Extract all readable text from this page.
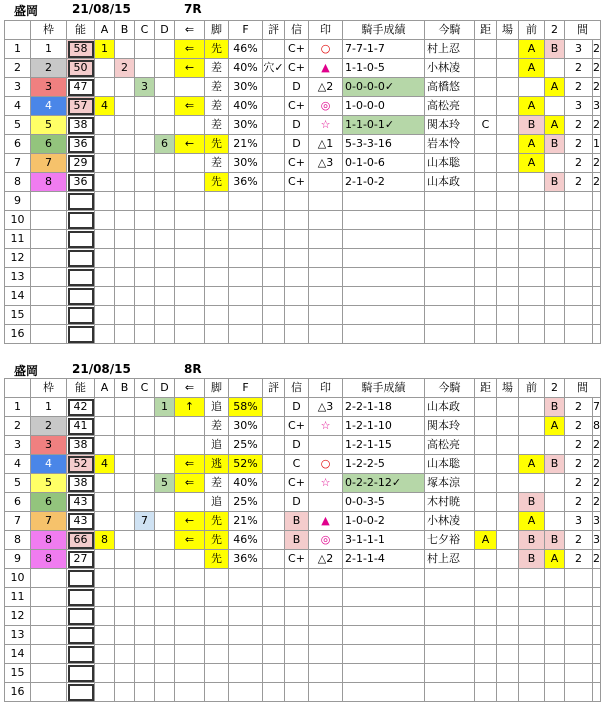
盛岡	21/08/15	7R
	枠	能	A	B	C	D	⇐	脚	F	評	信	印	騎手成績	今騎	距	場	前	2	間	
1	1	58	1				⇐	先	46%		C+	○	7-7-1-7	村上忍			A	B	3	2
2	2	50		2			←	差	40%	穴✓	C+	▲	1-1-0-5	小林凌			A		2	2
3	3	47			3			差	30%		D	△2	0-0-0-0✓	高橋悠				A	2	2
4	4	57	4				⇐	差	40%		C+	◎	1-0-0-0	高松亮			A		3	3
5	5	38						差	30%		D	☆	1-1-0-1✓	関本玲	C		B	A	2	2
6	6	36				6	←	先	21%		D	△1	5-3-3-16	岩本怜			A	B	2	1
7	7	29						差	30%		C+	△3	0-1-0-6	山本聡			A		2	2
8	8	36						先	36%		C+		2-1-0-2	山本政				B	2	2
9																				
10																				
11																				
12																				
13																				
14																				
15																				
16																				
盛岡	21/08/15	8R
	枠	能	A	B	C	D	⇐	脚	F	評	信	印	騎手成績	今騎	距	場	前	2	間	
1	1	42				1	↑	追	58%		D	△3	2-2-1-18	山本政				B	2	7
2	2	41						差	30%		C+	☆	1-2-1-10	関本玲				A	2	8
3	3	38						追	25%		D		1-2-1-15	高松亮					2	2
4	4	52	4				⇐	逃	52%		C	○	1-2-2-5	山本聡			A	B	2	2
5	5	38				5	⇐	差	40%		C+	☆	0-2-2-12✓	塚本涼					2	2
6	6	43						追	25%		D		0-0-3-5	木村暁			B		2	2
7	7	43			7		←	先	21%		B	▲	1-0-0-2	小林凌			A		3	3
8	8	66	8				⇐	先	46%		B	◎	3-1-1-1	七夕裕	A		B	B	2	3
9	8	27						先	36%		C+	△2	2-1-1-4	村上忍			B	A	2	2
10																				
11																				
12																				
13																				
14																				
15																				
16																				
